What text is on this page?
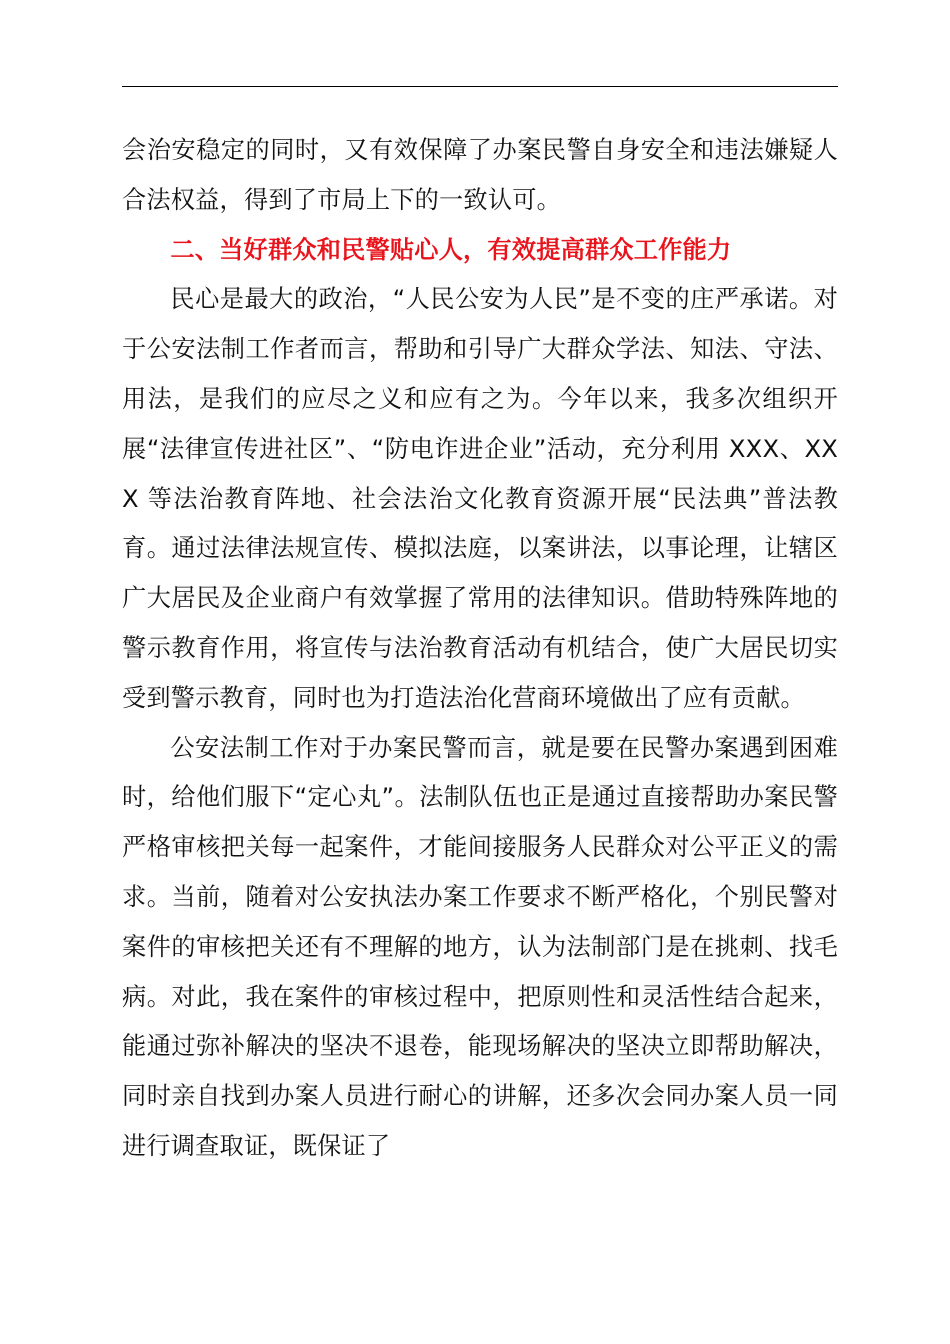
会治安稳定的同时，又有效保障了办案民警自身安全和违法嫌疑人合法权益，得到了市局上下的一致认可。

二、当好群众和民警贴心人，有效提高群众工作能力

民心是最大的政治，“人民公安为人民”是不变的庄严承诺。对于公安法制工作者而言，帮助和引导广大群众学法、知法、守法、用法，是我们的应尽之义和应有之为。今年以来，我多次组织开展“法律宣传进社区”、“防电诈进企业”活动，充分利用 XXX、XXX 等法治教育阵地、社会法治文化教育资源开展“民法典”普法教育。通过法律法规宣传、模拟法庭，以案讲法，以事论理，让辖区广大居民及企业商户有效掌握了常用的法律知识。借助特殊阵地的警示教育作用，将宣传与法治教育活动有机结合，使广大居民切实受到警示教育，同时也为打造法治化营商环境做出了应有贡献。

公安法制工作对于办案民警而言，就是要在民警办案遇到困难时，给他们服下“定心丸”。法制队伍也正是通过直接帮助办案民警严格审核把关每一起案件，才能间接服务人民群众对公平正义的需求。当前，随着对公安执法办案工作要求不断严格化，个别民警对案件的审核把关还有不理解的地方，认为法制部门是在挑刺、找毛病。对此，我在案件的审核过程中，把原则性和灵活性结合起来，能通过弥补解决的坚决不退卷，能现场解决的坚决立即帮助解决，同时亲自找到办案人员进行耐心的讲解，还多次会同办案人员一同进行调查取证，既保证了
